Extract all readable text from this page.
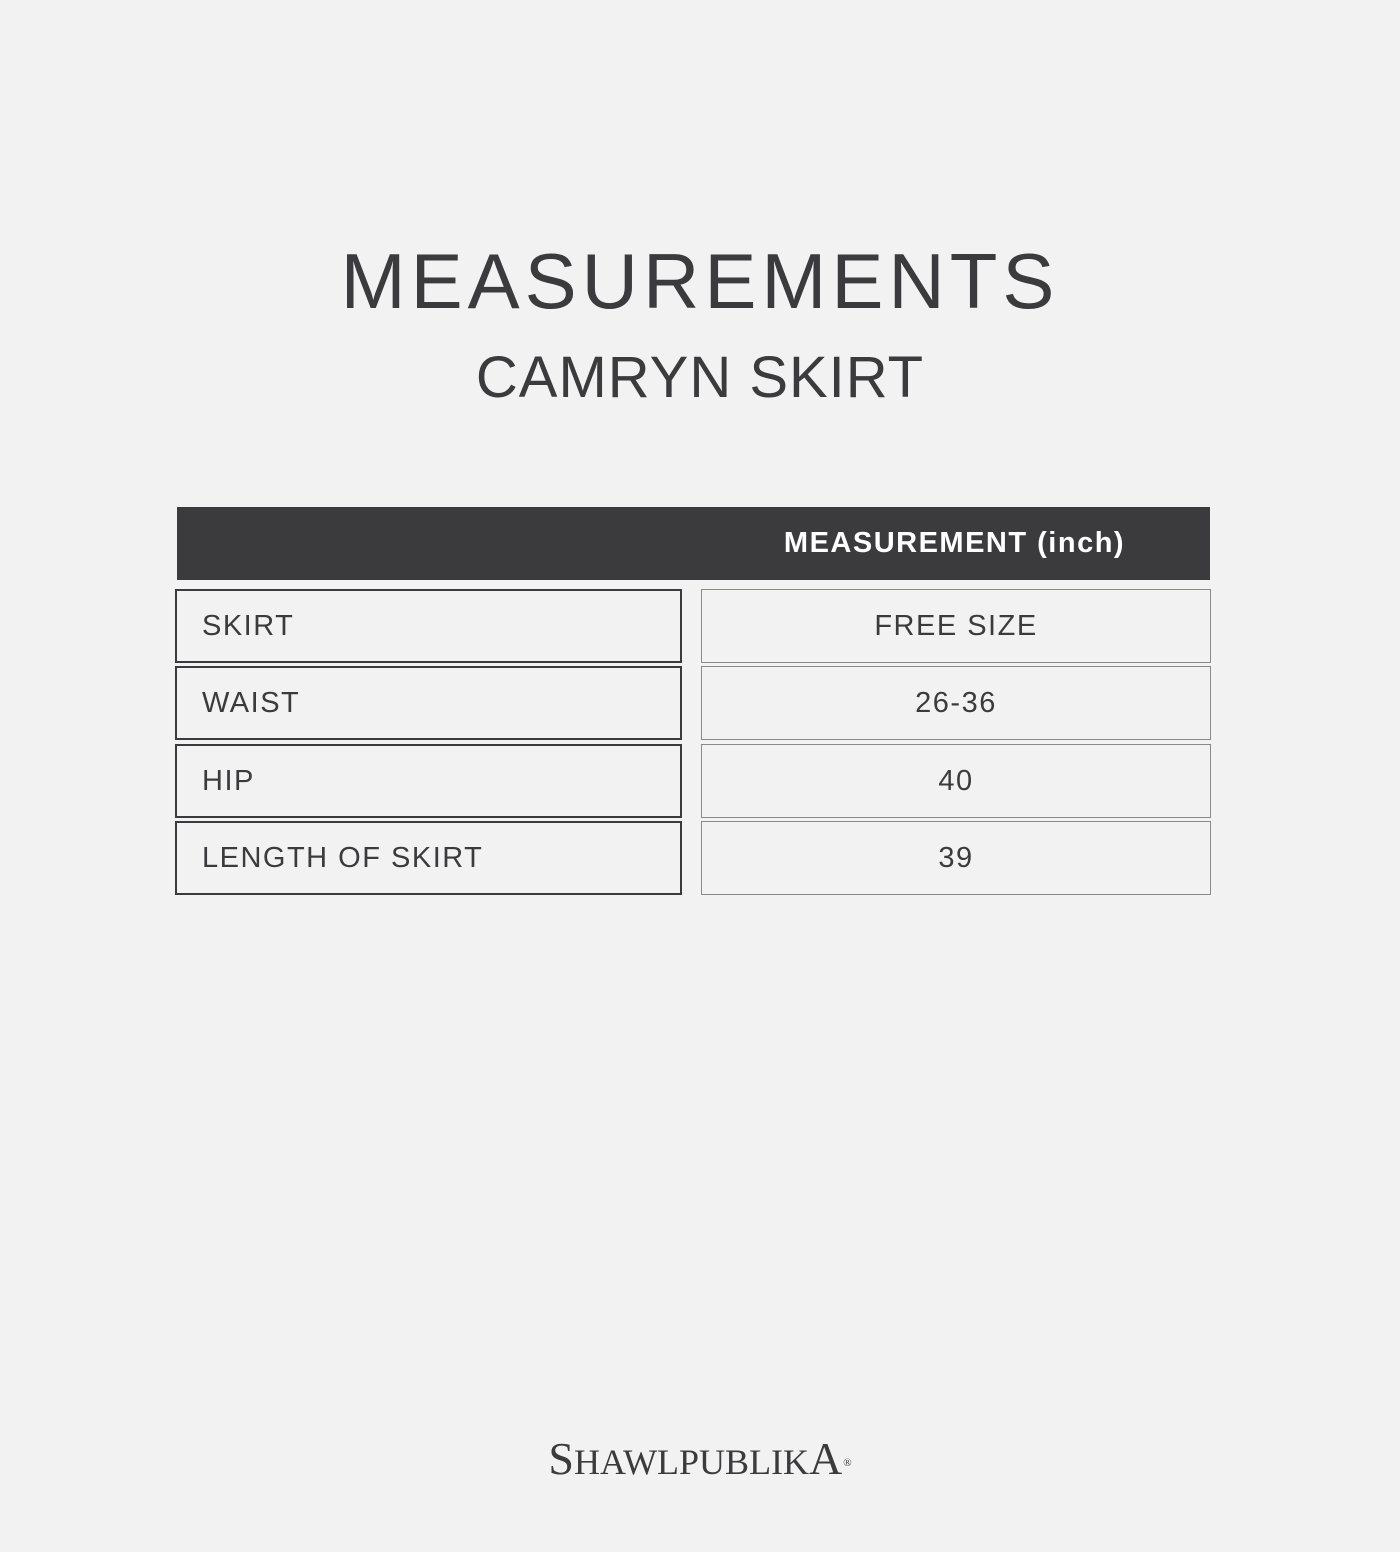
MEASUREMENTS
CAMRYN SKIRT
MEASUREMENT (inch)
SKIRT	FREE SIZE
WAIST	26-36
HIP	40
LENGTH OF SKIRT	39
SHAWLPUBLIKA®
